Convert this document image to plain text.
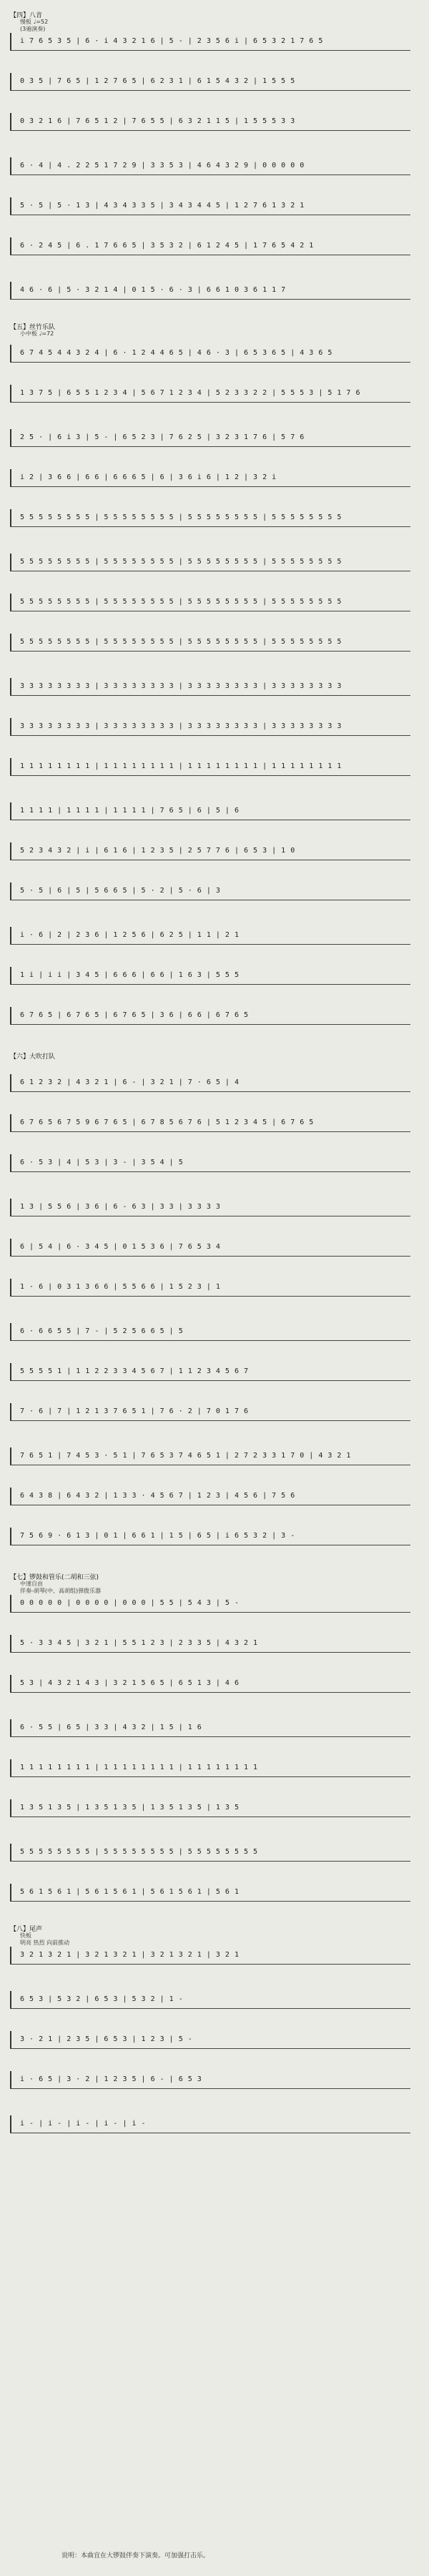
【四】八音
慢板 ♩=52
(3遍演奏)
i 7 6 5 3 5 | 6 · i 4 3 2 1 6 | 5 - | 2 3 5 6 i | 6 5 3 2 1 7 6 5
0 3 5 | 7 6 5 | 1 2 7 6 5 | 6 2 3 1 | 6 1 5 4 3 2 | 1 5 5 5
0 3 2 1 6 | 7 6 5 1 2 | 7 6 5 5 | 6 3 2 1 1 5 | 1 5 5 5 3 3
6 · 4 | 4 . 2 2 5 1 7 2 9 | 3 3 5 3 | 4 6 4 3 2 9 | 0 0 0 0 0
5 · 5 | 5 · 1 3 | 4 3 4 3 3 5 | 3 4 3 4 4 5 | 1 2 7 6 1 3 2 1
6 · 2 4 5 | 6 . 1 7 6 6 5 | 3 5 3 2 | 6 1 2 4 5 | 1 7 6 5 4 2 1
4 6 · 6 | 5 · 3 2 1 4 | 0 1 5 · 6 · 3 | 6 6 1 0 3 6 1 1 7
【五】丝竹乐队
小中板 ♩=72
6 7 4 5 4 4 3 2 4 | 6 · 1 2 4 4 6 5 | 4 6 · 3 | 6 5 3 6 5 | 4 3 6 5
1 3 7 5 | 6 5 5 1 2 3 4 | 5 6 7 1 2 3 4 | 5 2 3 3 2 2 | 5 5 5 3 | 5 1 7 6
2 5 · | 6 i 3 | 5 - | 6 5 2 3 | 7 6 2 5 | 3 2 3 1 7 6 | 5 7 6
i 2 | 3 6 6 | 6 6 | 6 6 6 5 | 6 | 3 6 i 6 | 1 2 | 3 2 i
5 5 5 5 5 5 5 5 | 5 5 5 5 5 5 5 5 | 5 5 5 5 5 5 5 5 | 5 5 5 5 5 5 5 5
5 5 5 5 5 5 5 5 | 5 5 5 5 5 5 5 5 | 5 5 5 5 5 5 5 5 | 5 5 5 5 5 5 5 5
5 5 5 5 5 5 5 5 | 5 5 5 5 5 5 5 5 | 5 5 5 5 5 5 5 5 | 5 5 5 5 5 5 5 5
5 5 5 5 5 5 5 5 | 5 5 5 5 5 5 5 5 | 5 5 5 5 5 5 5 5 | 5 5 5 5 5 5 5 5
3 3 3 3 3 3 3 3 | 3 3 3 3 3 3 3 3 | 3 3 3 3 3 3 3 3 | 3 3 3 3 3 3 3 3
3 3 3 3 3 3 3 3 | 3 3 3 3 3 3 3 3 | 3 3 3 3 3 3 3 3 | 3 3 3 3 3 3 3 3
1 1 1 1 1 1 1 1 | 1 1 1 1 1 1 1 1 | 1 1 1 1 1 1 1 1 | 1 1 1 1 1 1 1 1
1 1 1 1 | 1 1 1 1 | 1 1 1 1 | 7 6 5 | 6 | 5 | 6
5 2 3 4 3 2 | i | 6 1 6 | 1 2 3 5 | 2 5 7 7 6 | 6 5 3 | 1 0
5 · 5 | 6 | 5 | 5 6 6 5 | 5 · 2 | 5 · 6 | 3
i · 6 | 2 | 2 3 6 | 1 2 5 6 | 6 2 5 | 1 1 | 2 1
1 i | i i | 3 4 5 | 6 6 6 | 6 6 | 1 6 3 | 5 5 5
6 7 6 5 | 6 7 6 5 | 6 7 6 5 | 3 6 | 6 6 | 6 7 6 5
【六】大吹打队
6 1 2 3 2 | 4 3 2 1 | 6 - | 3 2 1 | 7 · 6 5 | 4
6 7 6 5 6 7 5 9 6 7 6 5 | 6 7 8 5 6 7 6 | 5 1 2 3 4 5 | 6 7 6 5
6 · 5 3 | 4 | 5 3 | 3 - | 3 5 4 | 5
1 3 | 5 5 6 | 3 6 | 6 - 6 3 | 3 3 | 3 3 3 3
6 | 5 4 | 6 · 3 4 5 | 0 1 5 3 6 | 7 6 5 3 4
1 · 6 | 0 3 1 3 6 6 | 5 5 6 6 | 1 5 2 3 | 1
6 · 6 6 5 5 | 7 - | 5 2 5 6 6 5 | 5
5 5 5 5 1 | 1 1 2 2 3 3 4 5 6 7 | 1 1 2 3 4 5 6 7
7 · 6 | 7 | 1 2 1 3 7 6 5 1 | 7 6 · 2 | 7 0 1 7 6
7 6 5 1 | 7 4 5 3 · 5 1 | 7 6 5 3 7 4 6 5 1 | 2 7 2 3 3 1 7 0 | 4 3 2 1
6 4 3 8 | 6 4 3 2 | 1 3 3 · 4 5 6 7 | 1 2 3 | 4 5 6 | 7 5 6
7 5 6 9 · 6 1 3 | 0 1 | 6 6 1 | 1 5 | 6 5 | i 6 5 3 2 | 3 -
【七】锣鼓和管乐(二胡和三弦)
中速自由
伴奏-胡琴(中、高胡组)弹拨乐器
0 0 0 0 0 | 0 0 0 0 | 0 0 0 | 5 5 | 5 4 3 | 5 -
5 · 3 3 4 5 | 3 2 1 | 5 5 1 2 3 | 2 3 3 5 | 4 3 2 1
5 3 | 4 3 2 1 4 3 | 3 2 1 5 6 5 | 6 5 1 3 | 4 6
6 · 5 5 | 6 5 | 3 3 | 4 3 2 | 1 5 | 1 6
1 1 1 1 1 1 1 1 | 1 1 1 1 1 1 1 1 | 1 1 1 1 1 1 1 1
1 3 5 1 3 5 | 1 3 5 1 3 5 | 1 3 5 1 3 5 | 1 3 5
5 5 5 5 5 5 5 5 | 5 5 5 5 5 5 5 5 | 5 5 5 5 5 5 5 5
5 6 1 5 6 1 | 5 6 1 5 6 1 | 5 6 1 5 6 1 | 5 6 1
【八】尾声
快板
明亮 热烈 向前推动
3 2 1 3 2 1 | 3 2 1 3 2 1 | 3 2 1 3 2 1 | 3 2 1
6 5 3 | 5 3 2 | 6 5 3 | 5 3 2 | 1 -
3 · 2 1 | 2 3 5 | 6 5 3 | 1 2 3 | 5 -
i · 6 5 | 3 · 2 | 1 2 3 5 | 6 - | 6 5 3
i - | i - | i - | i - | i -
说明：本曲宜在大锣鼓伴奏下演奏。可加强打击乐。
